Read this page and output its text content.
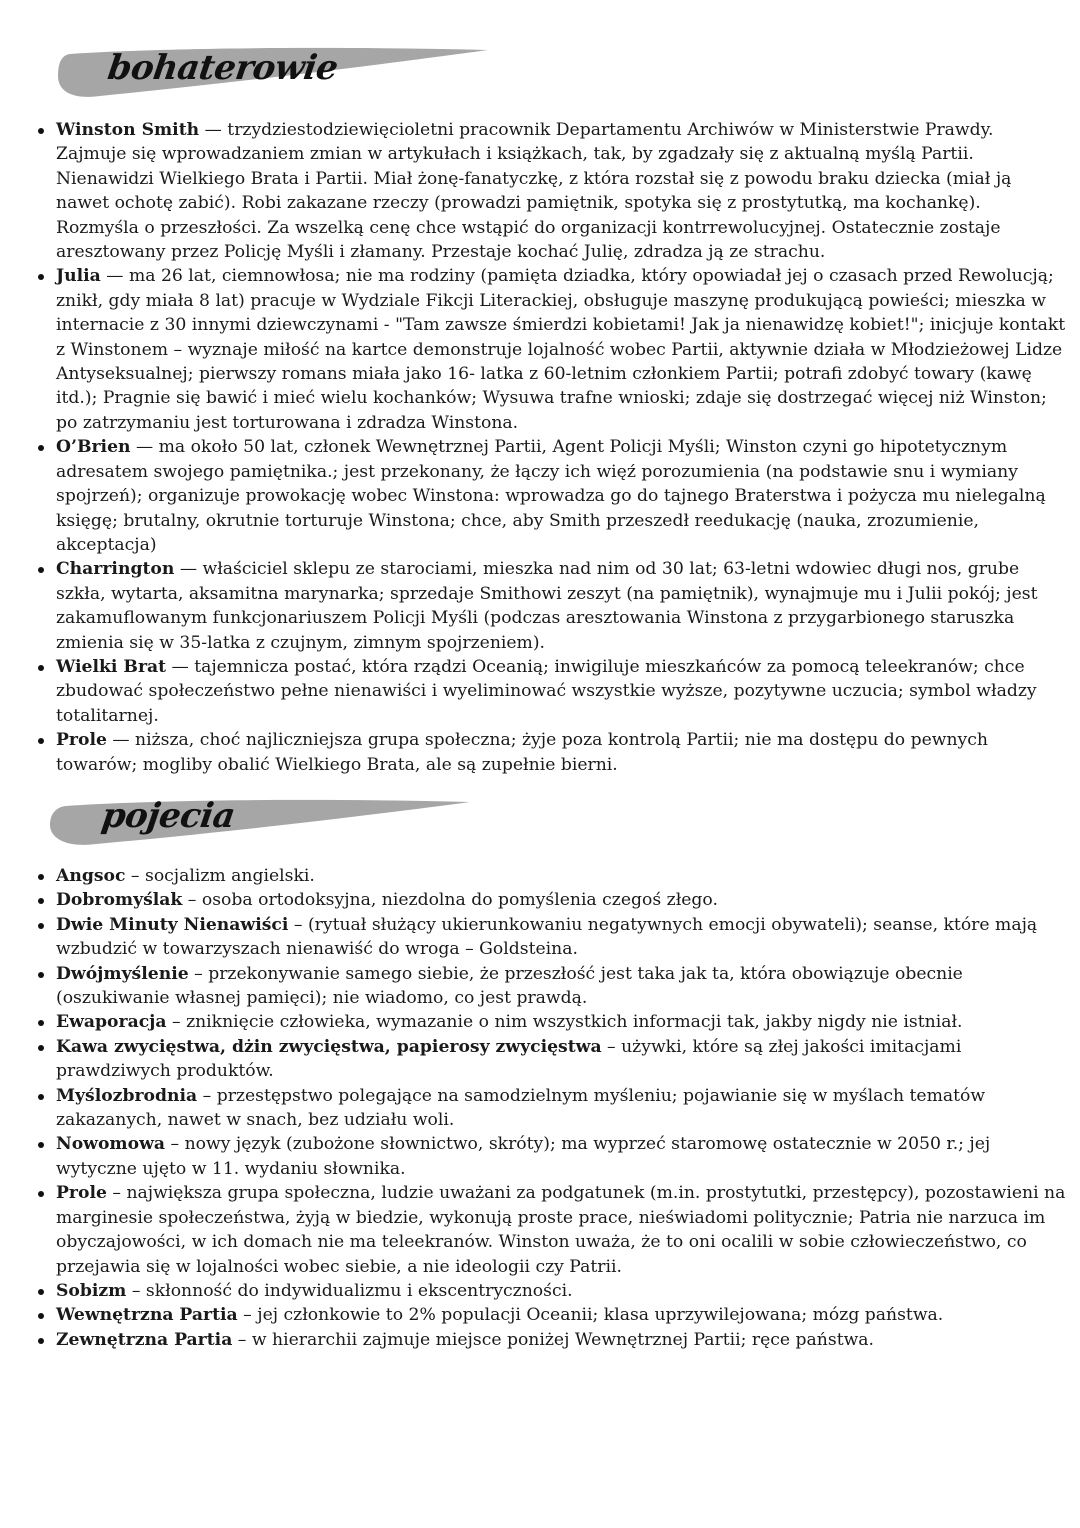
bohaterowie
Winston Smith — trzydziestodziewięcioletni pracownik Departamentu Archiwów w Ministerstwie Prawdy. Zajmuje się wprowadzaniem zmian w artykułach i książkach, tak, by zgadzały się z aktualną myślą Partii. Nienawidzi Wielkiego Brata i Partii. Miał żonę-fanatyczkę, z która rozstał się z powodu braku dziecka (miał ją nawet ochotę zabić). Robi zakazane rzeczy (prowadzi pamiętnik, spotyka się z prostytutką, ma kochankę). Rozmyśla o przeszłości. Za wszelką cenę chce wstąpić do organizacji kontrrewolucyjnej. Ostatecznie zostaje aresztowany przez Policję Myśli i złamany. Przestaje kochać Julię, zdradza ją ze strachu.
Julia — ma 26 lat, ciemnowłosa; nie ma rodziny (pamięta dziadka, który opowiadał jej o czasach przed Rewolucją; znikł, gdy miała 8 lat) pracuje w Wydziale Fikcji Literackiej, obsługuje maszynę produkującą powieści; mieszka w internacie z 30 innymi dziewczynami - "Tam zawsze śmierdzi kobietami! Jak ja nienawidzę kobiet!"; inicjuje kontakt z Winstonem – wyznaje miłość na kartce demonstruje lojalność wobec Partii, aktywnie działa w Młodzieżowej Lidze Antyseksualnej; pierwszy romans miała jako 16- latka z 60-letnim członkiem Partii; potrafi zdobyć towary (kawę itd.); Pragnie się bawić i mieć wielu kochanków; Wysuwa trafne wnioski; zdaje się dostrzegać więcej niż Winston; po zatrzymaniu jest torturowana i zdradza Winstona.
O’Brien — ma około 50 lat, członek Wewnętrznej Partii, Agent Policji Myśli; Winston czyni go hipotetycznym adresatem swojego pamiętnika.; jest przekonany, że łączy ich więź porozumienia (na podstawie snu i wymiany spojrzeń); organizuje prowokację wobec Winstona: wprowadza go do tajnego Braterstwa i pożycza mu nielegalną księgę; brutalny, okrutnie torturuje Winstona; chce, aby Smith przeszedł reedukację (nauka, zrozumienie, akceptacja)
Charrington — właściciel sklepu ze starociami, mieszka nad nim od 30 lat; 63-letni wdowiec długi nos, grube szkła, wytarta, aksamitna marynarka; sprzedaje Smithowi zeszyt (na pamiętnik), wynajmuje mu i Julii pokój; jest zakamuflowanym funkcjonariuszem Policji Myśli (podczas aresztowania Winstona z przygarbionego staruszka zmienia się w 35-latka z czujnym, zimnym spojrzeniem).
Wielki Brat — tajemnicza postać, która rządzi Oceanią; inwigiluje mieszkańców za pomocą teleekranów; chce zbudować społeczeństwo pełne nienawiści i wyeliminować wszystkie wyższe, pozytywne uczucia; symbol władzy totalitarnej.
Prole — niższa, choć najliczniejsza grupa społeczna; żyje poza kontrolą Partii; nie ma dostępu do pewnych towarów; mogliby obalić Wielkiego Brata, ale są zupełnie bierni.
pojecia
Angsoc – socjalizm angielski.
Dobromyślak – osoba ortodoksyjna, niezdolna do pomyślenia czegoś złego.
Dwie Minuty Nienawiści – (rytuał służący ukierunkowaniu negatywnych emocji obywateli); seanse, które mają wzbudzić w towarzyszach nienawiść do wroga – Goldsteina.
Dwójmyślenie – przekonywanie samego siebie, że przeszłość jest taka jak ta, która obowiązuje obecnie (oszukiwanie własnej pamięci); nie wiadomo, co jest prawdą.
Ewaporacja – zniknięcie człowieka, wymazanie o nim wszystkich informacji tak, jakby nigdy nie istniał.
Kawa zwycięstwa, dżin zwycięstwa, papierosy zwycięstwa – używki, które są złej jakości imitacjami prawdziwych produktów.
Myślozbrodnia – przestępstwo polegające na samodzielnym myśleniu; pojawianie się w myślach tematów zakazanych, nawet w snach, bez udziału woli.
Nowomowa – nowy język (zubożone słownictwo, skróty); ma wyprzeć staromowę ostatecznie w 2050 r.; jej wytyczne ujęto w 11. wydaniu słownika.
Prole – największa grupa społeczna, ludzie uważani za podgatunek (m.in. prostytutki, przestępcy), pozostawieni na marginesie społeczeństwa, żyją w biedzie, wykonują proste prace, nieświadomi politycznie; Patria nie narzuca im obyczajowości, w ich domach nie ma teleekranów. Winston uważa, że to oni ocalili w sobie człowieczeństwo, co przejawia się w lojalności wobec siebie, a nie ideologii czy Patrii.
Sobizm – skłonność do indywidualizmu i ekscentryczności.
Wewnętrzna Partia – jej członkowie to 2% populacji Oceanii; klasa uprzywilejowana; mózg państwa.
Zewnętrzna Partia – w hierarchii zajmuje miejsce poniżej Wewnętrznej Partii; ręce państwa.
